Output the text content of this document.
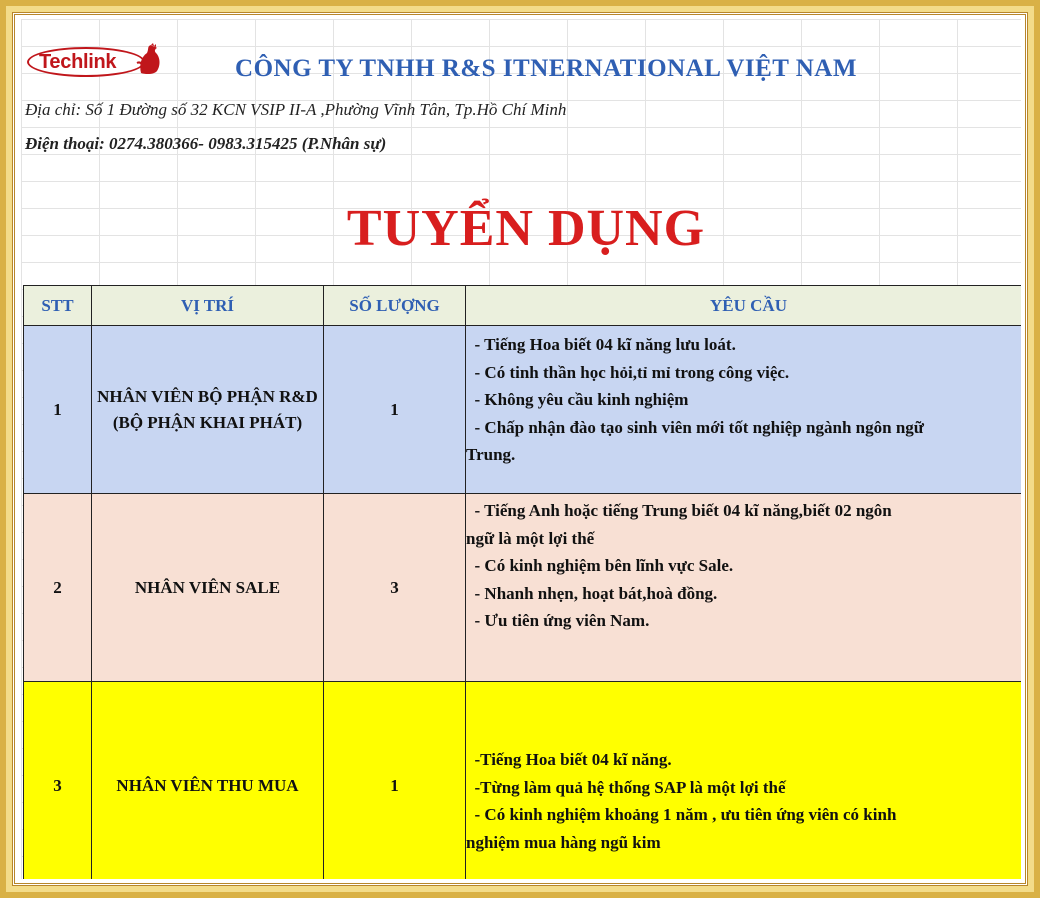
Techlink	CÔNG TY TNHH R&S ITNERNATIONAL VIỆT NAM
Địa chỉ: Số 1 Đường số 32 KCN VSIP II-A ,Phường Vĩnh Tân, Tp.Hồ Chí Minh
Điện thoại: 0274.380366- 0983.315425 (P.Nhân sự)
TUYỂN DỤNG
STT	VỊ TRÍ	SỐ LƯỢNG	YÊU CẦU
1	NHÂN VIÊN BỘ PHẬN R&D (BỘ PHẬN KHAI PHÁT)	1	- Tiếng Hoa biết 04 kĩ năng lưu loát.
- Có tinh thần học hỏi,tỉ mỉ trong công việc.
- Không yêu cầu kinh nghiệm
- Chấp nhận đào tạo sinh viên mới tốt nghiệp ngành ngôn ngữ
Trung.

2	NHÂN VIÊN SALE	3	- Tiếng Anh hoặc tiếng Trung biết 04 kĩ năng,biết 02 ngôn
ngữ là một lợi thế
- Có kinh nghiệm bên lĩnh vực Sale.
- Nhanh nhẹn, hoạt bát,hoà đồng.
- Ưu tiên ứng viên Nam.

3	NHÂN VIÊN THU MUA	1	-Tiếng Hoa biết 04 kĩ năng.
-Từng làm quả hệ thống SAP là một lợi thế
- Có kinh nghiệm khoảng 1 năm , ưu tiên ứng viên có kinh
nghiệm mua hàng ngũ kim
